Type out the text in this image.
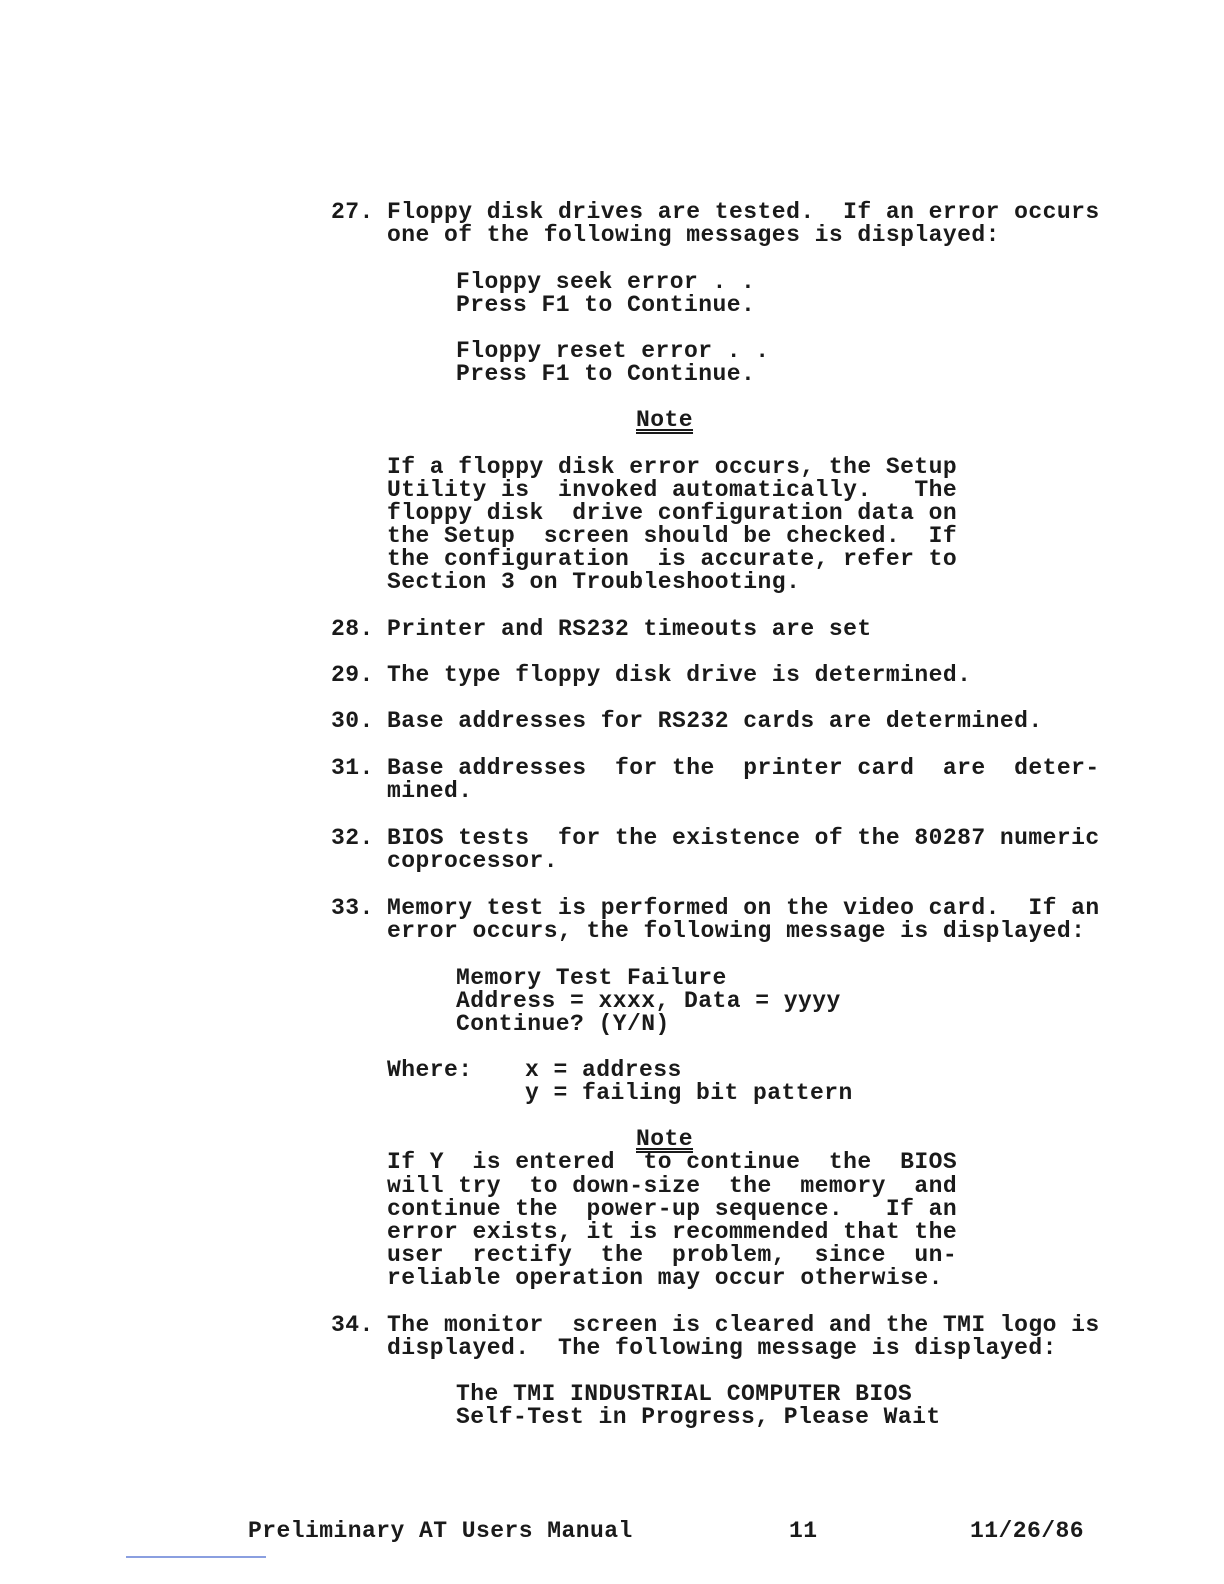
27. Floppy disk drives are tested.  If an error occurs
one of the following messages is displayed:
Floppy seek error . .
Press F1 to Continue.
Floppy reset error . .
Press F1 to Continue.
Note
If a floppy disk error occurs, the Setup
Utility is  invoked automatically.   The
floppy disk  drive configuration data on
the Setup  screen should be checked.  If
the configuration  is accurate, refer to
Section 3 on Troubleshooting.
28. Printer and RS232 timeouts are set
29. The type floppy disk drive is determined.
30. Base addresses for RS232 cards are determined.
31. Base addresses  for the  printer card  are  deter-
mined.
32. BIOS tests  for the existence of the 80287 numeric
coprocessor.
33. Memory test is performed on the video card.  If an
error occurs, the following message is displayed:
Memory Test Failure
Address = xxxx, Data = yyyy
Continue? (Y/N)
Where: x = address
y = failing bit pattern
Note
If Y  is entered  to continue  the  BIOS
will try  to down-size  the  memory  and
continue the  power-up sequence.   If an
error exists, it is recommended that the
user  rectify  the  problem,  since  un-
reliable operation may occur otherwise.
34. The monitor  screen is cleared and the TMI logo is
displayed.  The following message is displayed:
The TMI INDUSTRIAL COMPUTER BIOS
Self-Test in Progress, Please Wait
Preliminary AT Users Manual	11	11/26/86
